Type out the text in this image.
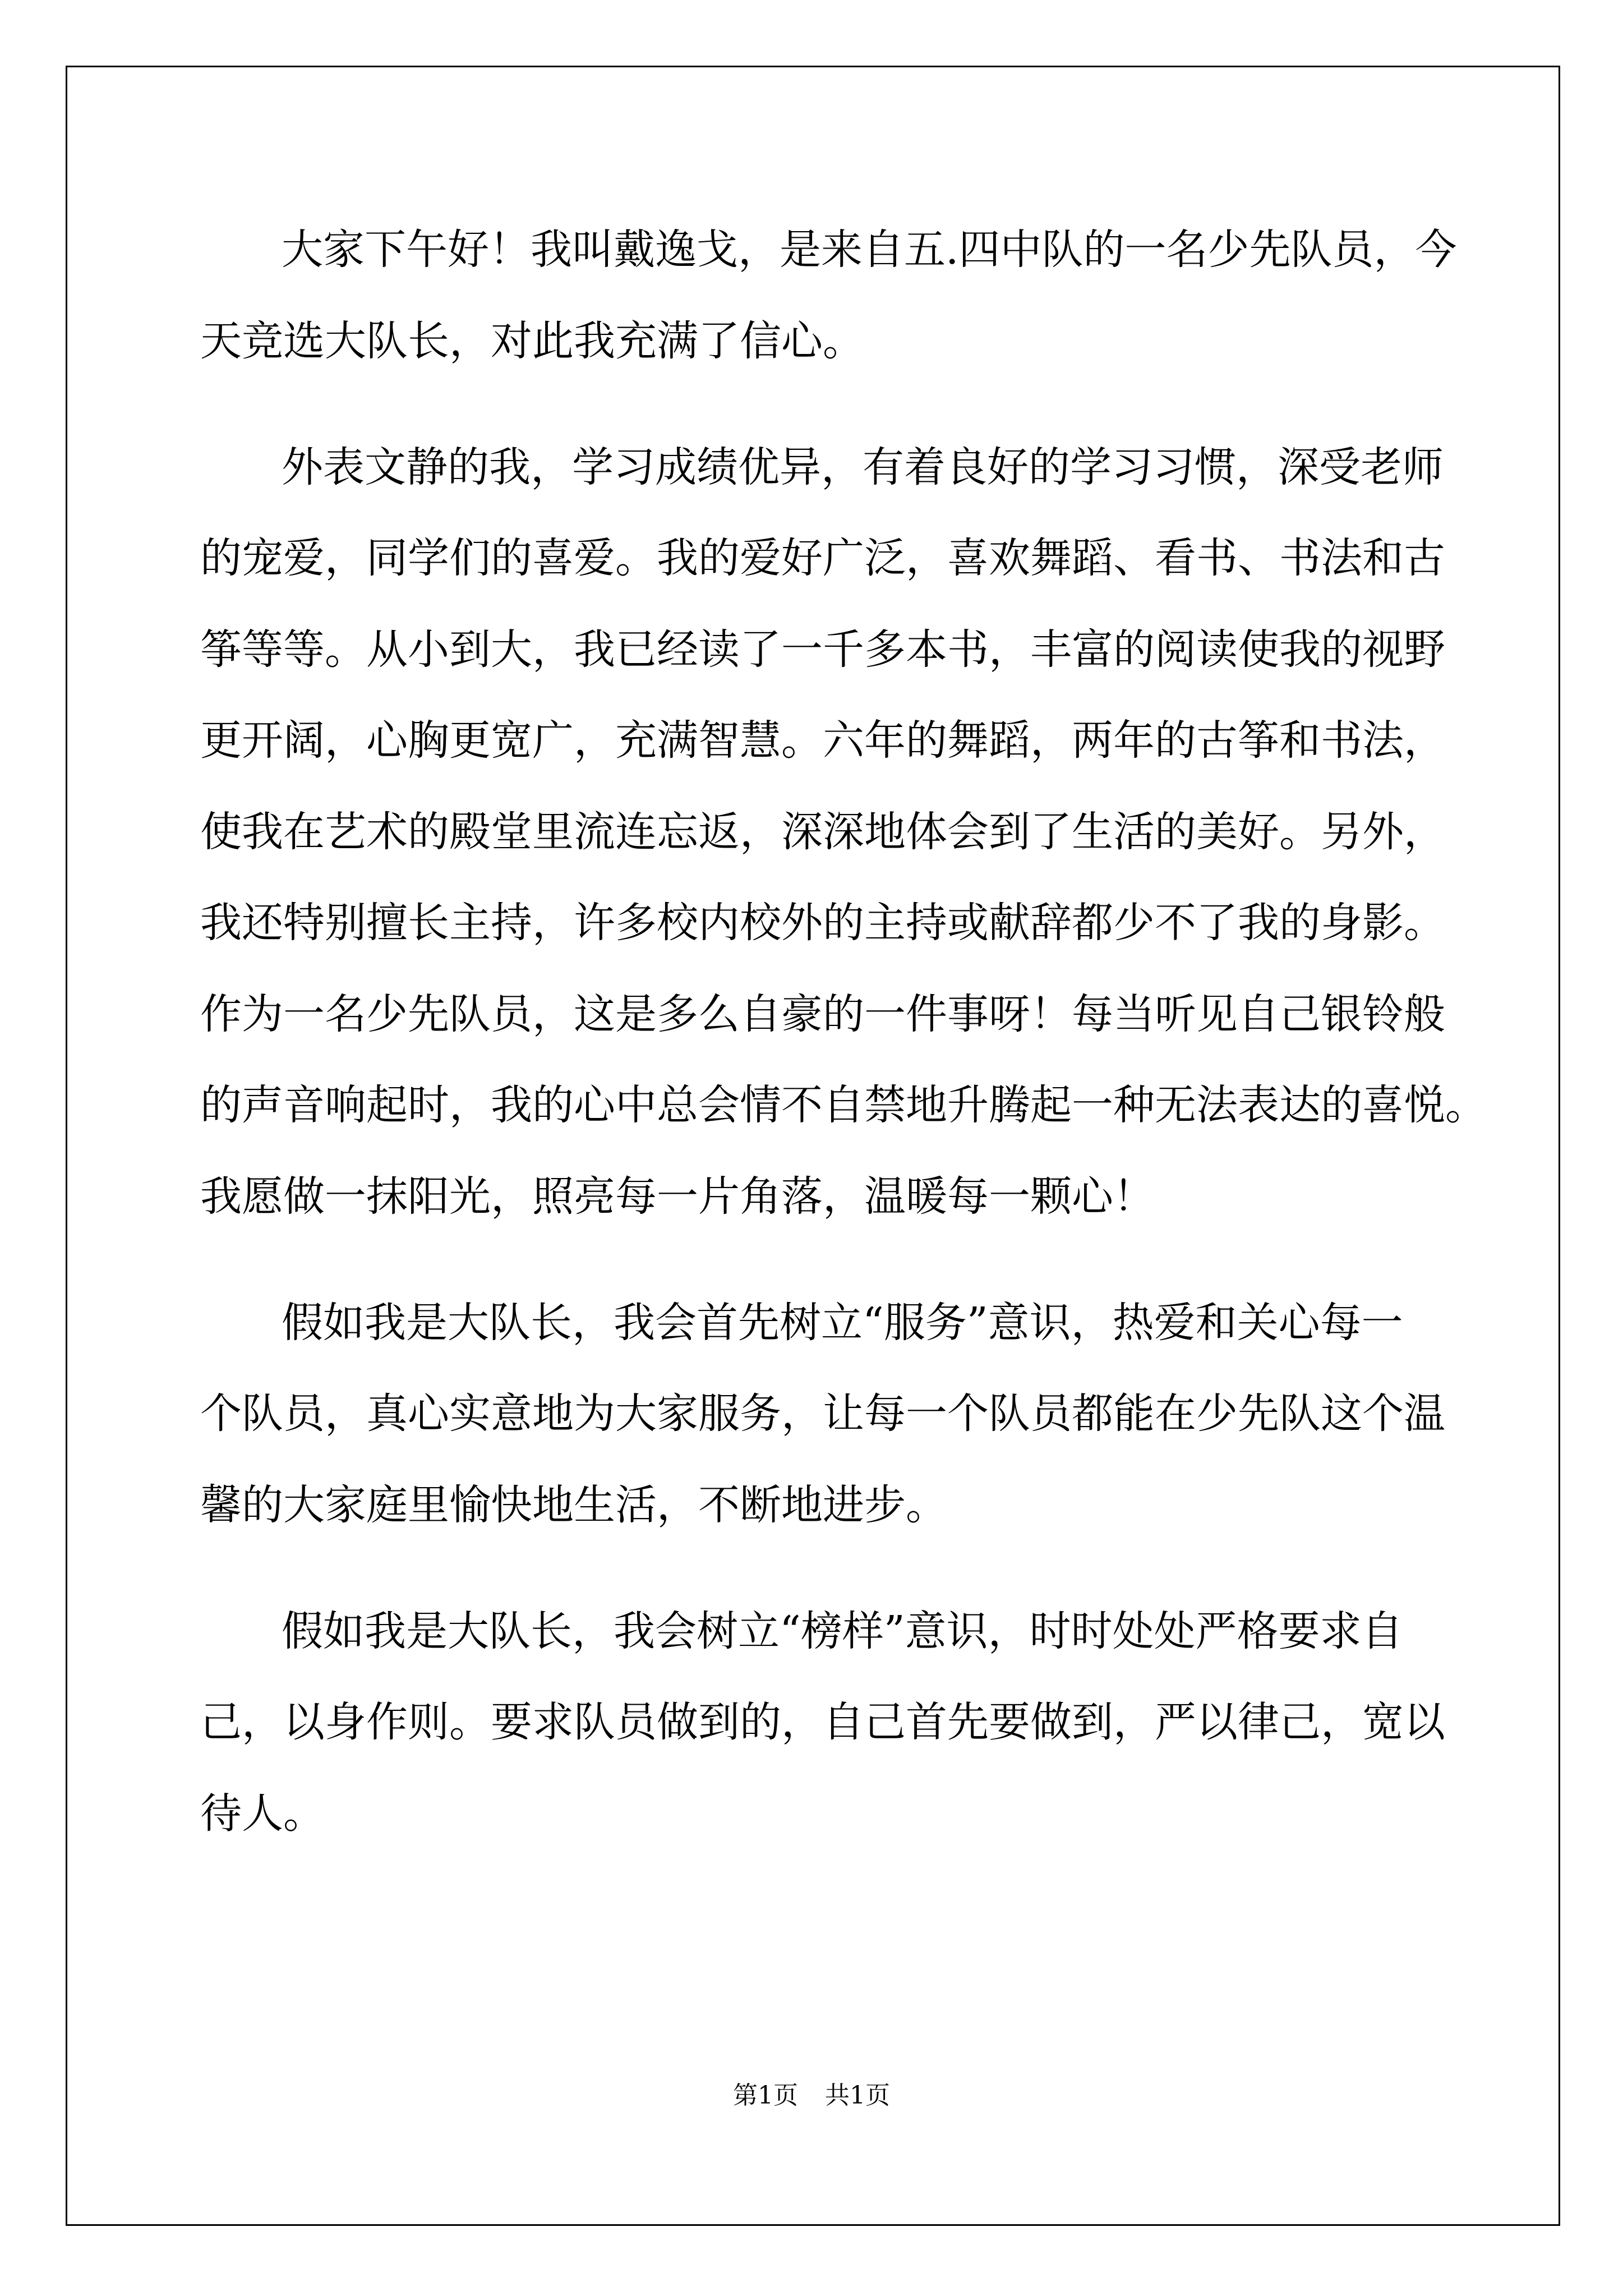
大家下午好！我叫戴逸戈，是来自五.四中队的一名少先队员，今

天竞选大队长，对此我充满了信心。

外表文静的我，学习成绩优异，有着良好的学习习惯，深受老师

的宠爱，同学们的喜爱。我的爱好广泛，喜欢舞蹈、看书、书法和古

筝等等。从小到大，我已经读了一千多本书，丰富的阅读使我的视野

更开阔，心胸更宽广，充满智慧。六年的舞蹈，两年的古筝和书法，

使我在艺术的殿堂里流连忘返，深深地体会到了生活的美好。另外，

我还特别擅长主持，许多校内校外的主持或献辞都少不了我的身影。

作为一名少先队员，这是多么自豪的一件事呀！每当听见自己银铃般

的声音响起时，我的心中总会情不自禁地升腾起一种无法表达的喜悦。

我愿做一抹阳光，照亮每一片角落，温暖每一颗心！

假如我是大队长，我会首先树立“服务”意识，热爱和关心每一

个队员，真心实意地为大家服务，让每一个队员都能在少先队这个温

馨的大家庭里愉快地生活，不断地进步。

假如我是大队长，我会树立“榜样”意识，时时处处严格要求自

己，以身作则。要求队员做到的，自己首先要做到，严以律己，宽以

待人。

第1页 共1页
